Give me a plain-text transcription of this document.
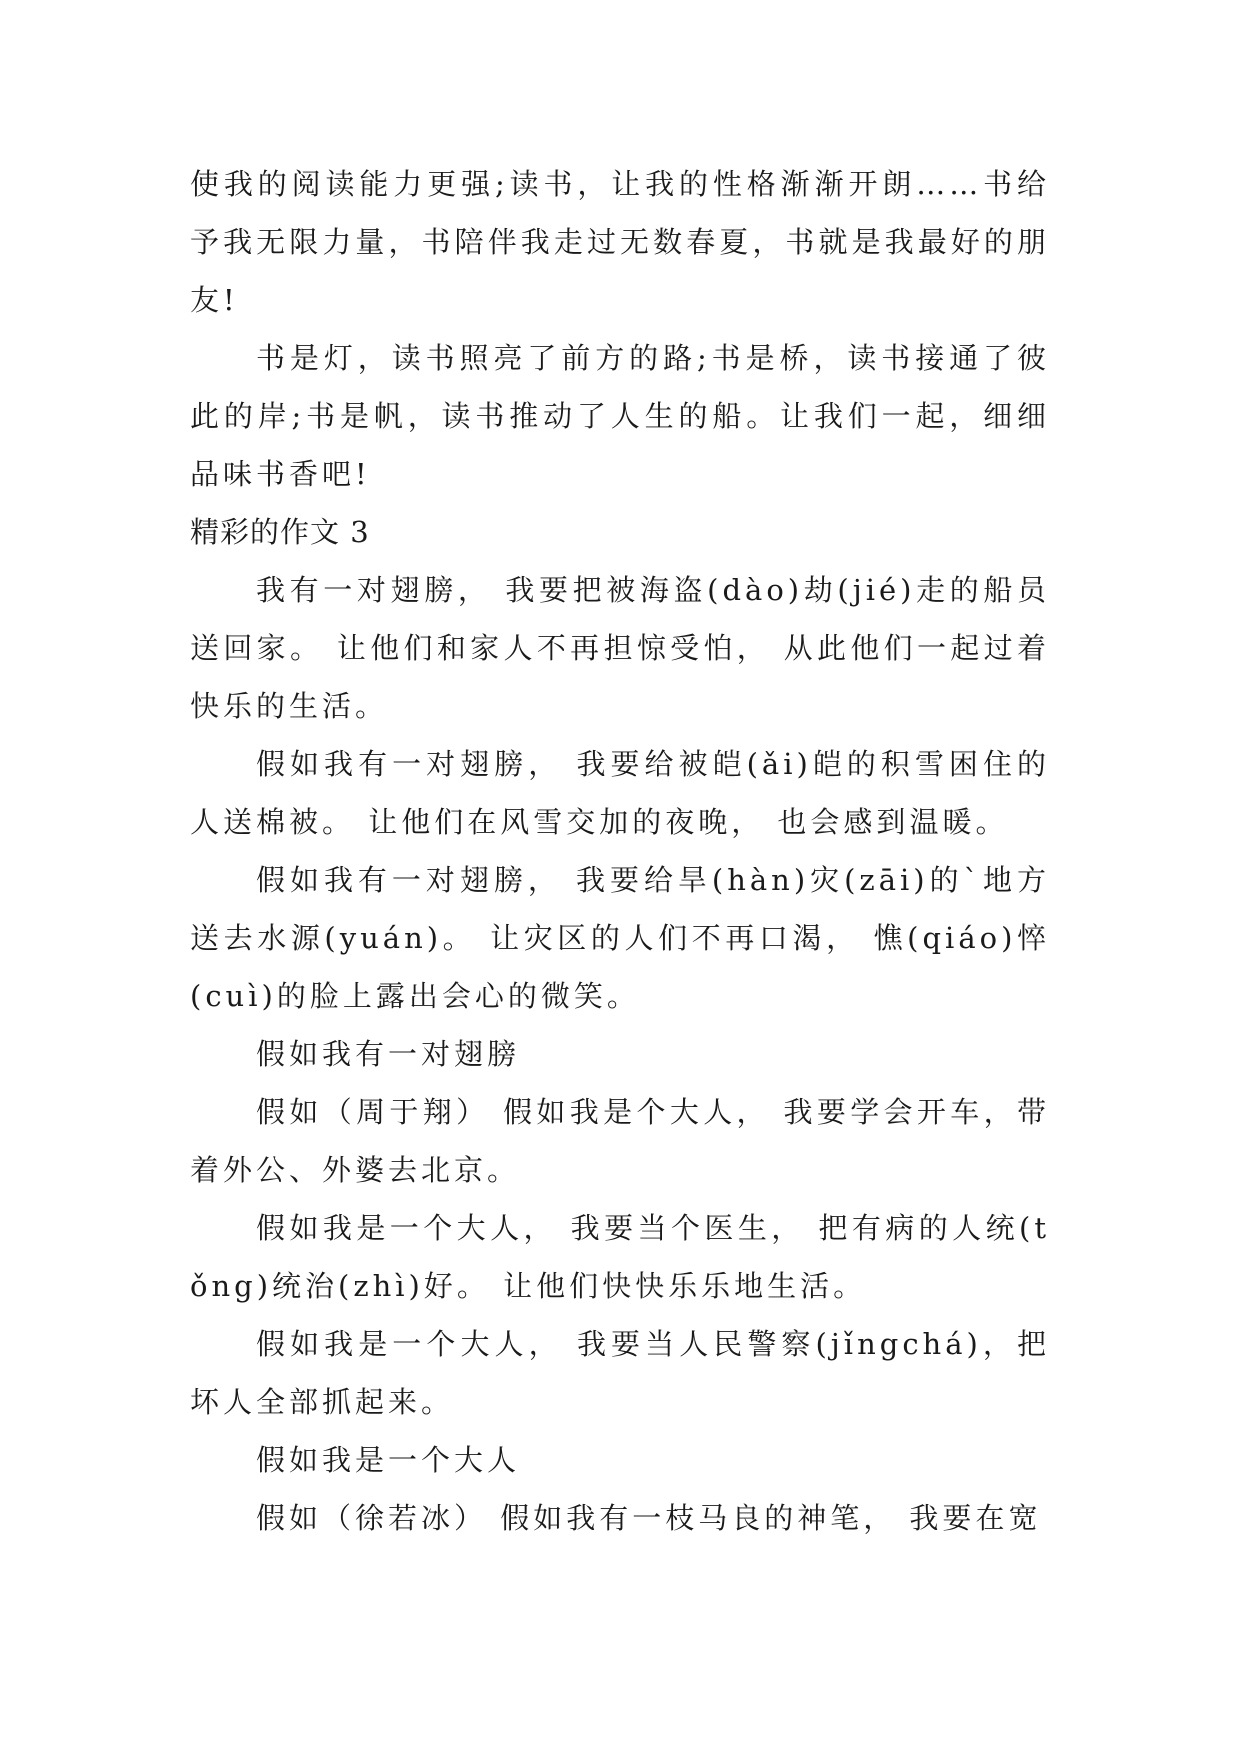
使我的阅读能力更强;读书，让我的性格渐渐开朗……书给予我无限力量，书陪伴我走过无数春夏，书就是我最好的朋友!

书是灯，读书照亮了前方的路;书是桥，读书接通了彼此的岸;书是帆，读书推动了人生的船。让我们一起，细细品味书香吧!

精彩的作文 3

我有一对翅膀， 我要把被海盗(dào)劫(jié)走的船员送回家。 让他们和家人不再担惊受怕， 从此他们一起过着快乐的生活。

假如我有一对翅膀， 我要给被皑(ǎi)皑的积雪困住的人送棉被。 让他们在风雪交加的夜晚， 也会感到温暖。

假如我有一对翅膀， 我要给旱(hàn)灾(zāi)的`地方送去水源(yuán)。 让灾区的人们不再口渴， 憔(qiáo)悴(cuì)的脸上露出会心的微笑。

假如我有一对翅膀

假如（周于翔） 假如我是个大人， 我要学会开车，带着外公、外婆去北京。

假如我是一个大人， 我要当个医生， 把有病的人统(tǒng)统治(zhì)好。 让他们快快乐乐地生活。

假如我是一个大人， 我要当人民警察(jǐngchá)，把坏人全部抓起来。

假如我是一个大人

假如（徐若冰） 假如我有一枝马良的神笔， 我要在宽
